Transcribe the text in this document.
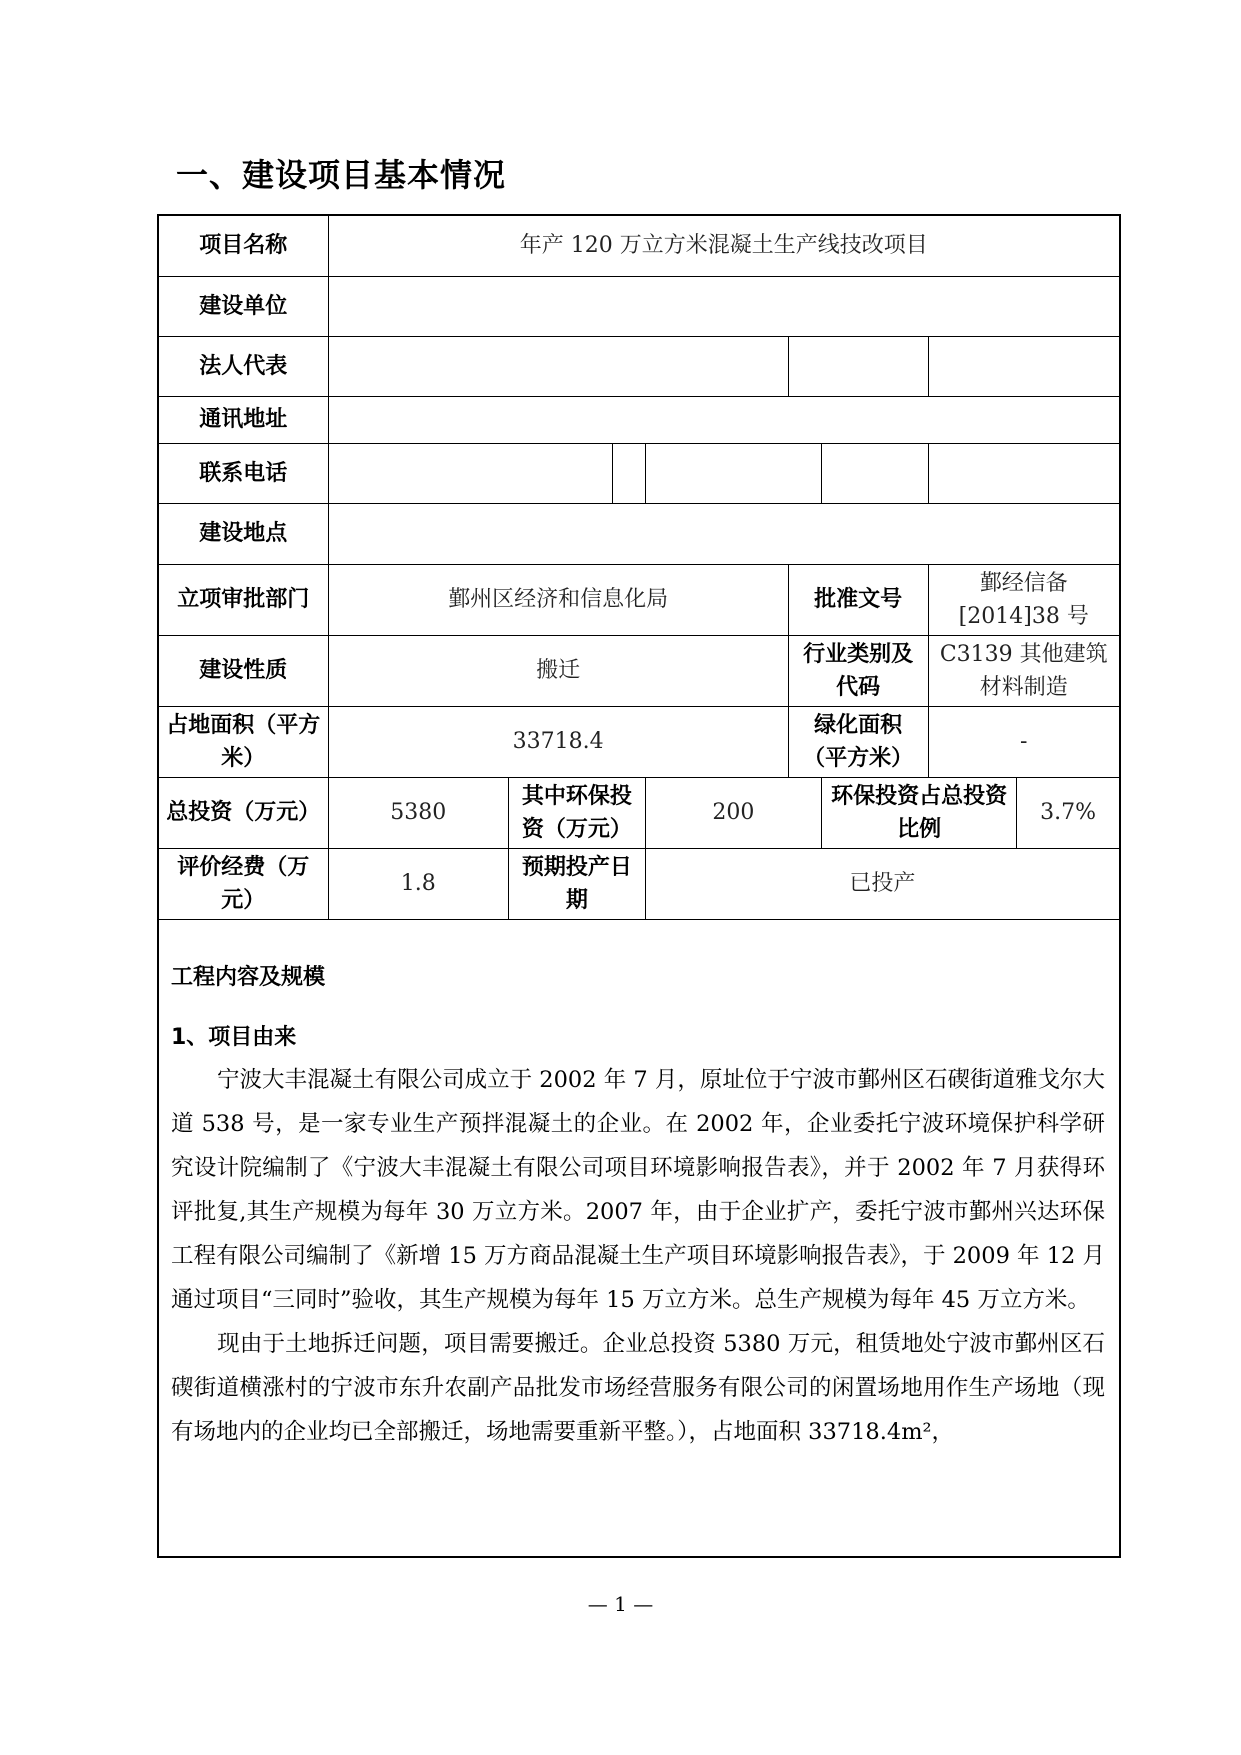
一、建设项目基本情况
项目名称	年产 120 万立方米混凝土生产线技改项目							
建设单位								
法人代表								
通讯地址								
联系电话								
建设地点								
立项审批部门	鄞州区经济和信息化局				批准文号		鄞经信备[2014]38 号	
建设性质	搬迁				行业类别及代码		C3139 其他建筑材料制造	
占地面积（平方米）	33718.4				绿化面积（平方米）		-	
总投资（万元）	5380	其中环保投资（万元）		200		环保投资占总投资比例		3.7%
评价经费（万元）	1.8	预期投产日期		已投产				
工程内容及规模
1、项目由来

宁波大丰混凝土有限公司成立于 2002 年 7 月，原址位于宁波市鄞州区石碶街道雅戈尔大道 538 号，是一家专业生产预拌混凝土的企业。在 2002 年，企业委托宁波环境保护科学研究设计院编制了《宁波大丰混凝土有限公司项目环境影响报告表》，并于 2002 年 7 月获得环评批复,其生产规模为每年 30 万立方米。2007 年，由于企业扩产，委托宁波市鄞州兴达环保工程有限公司编制了《新增 15 万方商品混凝土生产项目环境影响报告表》，于 2009 年 12 月通过项目“三同时”验收，其生产规模为每年 15 万立方米。总生产规模为每年 45 万立方米。

现由于土地拆迁问题，项目需要搬迁。企业总投资 5380 万元，租赁地处宁波市鄞州区石碶街道横涨村的宁波市东升农副产品批发市场经营服务有限公司的闲置场地用作生产场地（现有场地内的企业均已全部搬迁，场地需要重新平整。），占地面积 33718.4m²，

— 1 —
